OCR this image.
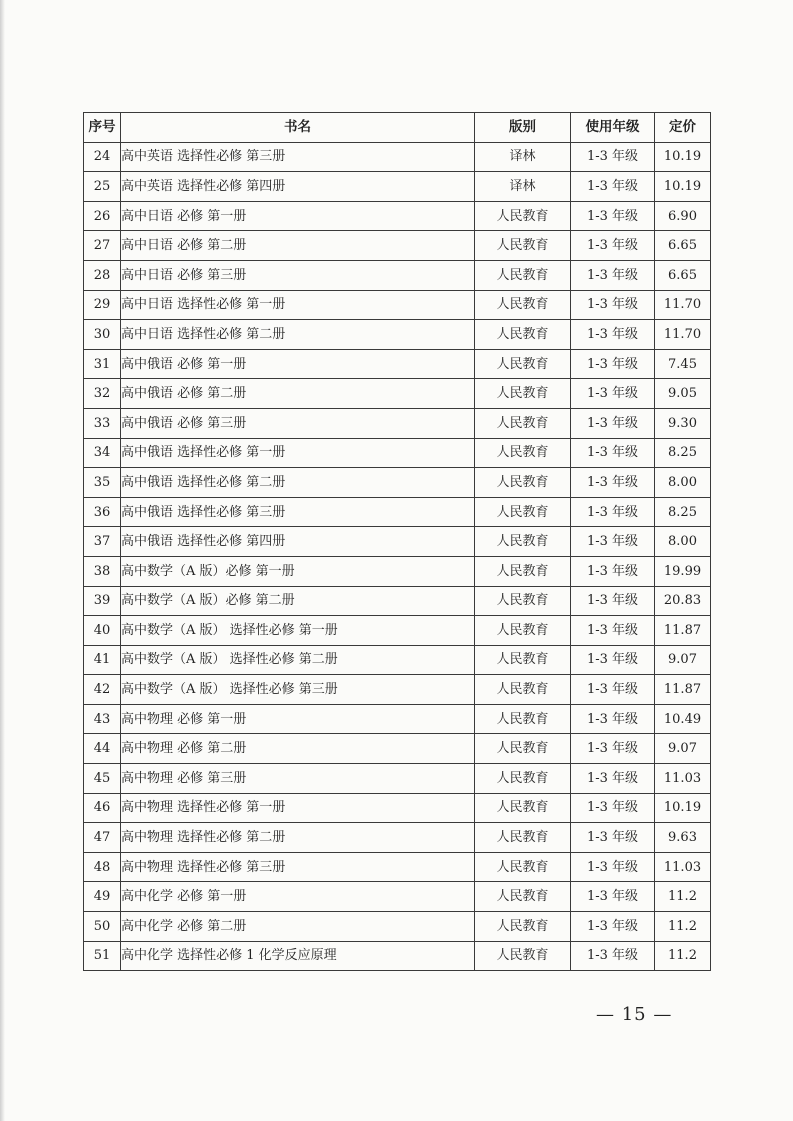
序号	书名	版别	使用年级	定价
24	高中英语 选择性必修 第三册	译林	1-3 年级	10.19
25	高中英语 选择性必修 第四册	译林	1-3 年级	10.19
26	高中日语 必修 第一册	人民教育	1-3 年级	6.90
27	高中日语 必修 第二册	人民教育	1-3 年级	6.65
28	高中日语 必修 第三册	人民教育	1-3 年级	6.65
29	高中日语 选择性必修 第一册	人民教育	1-3 年级	11.70
30	高中日语 选择性必修 第二册	人民教育	1-3 年级	11.70
31	高中俄语 必修 第一册	人民教育	1-3 年级	7.45
32	高中俄语 必修 第二册	人民教育	1-3 年级	9.05
33	高中俄语 必修 第三册	人民教育	1-3 年级	9.30
34	高中俄语 选择性必修 第一册	人民教育	1-3 年级	8.25
35	高中俄语 选择性必修 第二册	人民教育	1-3 年级	8.00
36	高中俄语 选择性必修 第三册	人民教育	1-3 年级	8.25
37	高中俄语 选择性必修 第四册	人民教育	1-3 年级	8.00
38	高中数学（A 版）必修 第一册	人民教育	1-3 年级	19.99
39	高中数学（A 版）必修 第二册	人民教育	1-3 年级	20.83
40	高中数学（A 版） 选择性必修 第一册	人民教育	1-3 年级	11.87
41	高中数学（A 版） 选择性必修 第二册	人民教育	1-3 年级	9.07
42	高中数学（A 版） 选择性必修 第三册	人民教育	1-3 年级	11.87
43	高中物理 必修 第一册	人民教育	1-3 年级	10.49
44	高中物理 必修 第二册	人民教育	1-3 年级	9.07
45	高中物理 必修 第三册	人民教育	1-3 年级	11.03
46	高中物理 选择性必修 第一册	人民教育	1-3 年级	10.19
47	高中物理 选择性必修 第二册	人民教育	1-3 年级	9.63
48	高中物理 选择性必修 第三册	人民教育	1-3 年级	11.03
49	高中化学 必修 第一册	人民教育	1-3 年级	11.2
50	高中化学 必修 第二册	人民教育	1-3 年级	11.2
51	高中化学 选择性必修 1 化学反应原理	人民教育	1-3 年级	11.2
— 15 —
